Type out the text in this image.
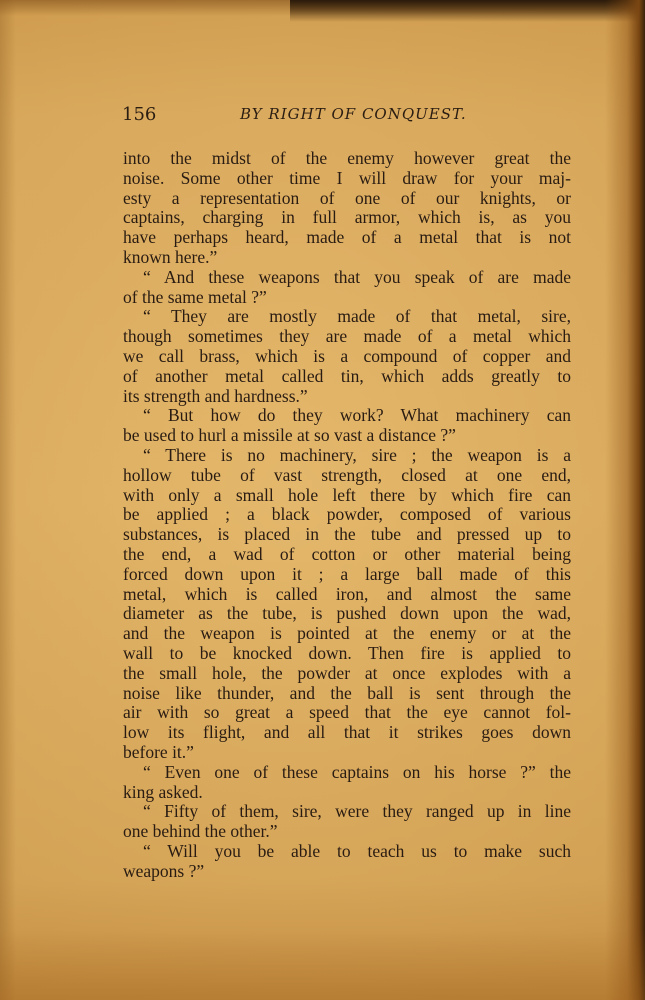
156	BY RIGHT OF CONQUEST.
into the midst of the enemy however great the
noise. Some other time I will draw for your maj-
esty a representation of one of our knights, or
captains, charging in full armor, which is, as you
have perhaps heard, made of a metal that is not
known here.”
“ And these weapons that you speak of are made
of the same metal ?”
“ They are mostly made of that metal, sire,
though sometimes they are made of a metal which
we call brass, which is a compound of copper and
of another metal called tin, which adds greatly to
its strength and hardness.”
“ But how do they work? What machinery can
be used to hurl a missile at so vast a distance ?”
“ There is no machinery, sire ; the weapon is a
hollow tube of vast strength, closed at one end,
with only a small hole left there by which fire can
be applied ; a black powder, composed of various
substances, is placed in the tube and pressed up to
the end, a wad of cotton or other material being
forced down upon it ; a large ball made of this
metal, which is called iron, and almost the same
diameter as the tube, is pushed down upon the wad,
and the weapon is pointed at the enemy or at the
wall to be knocked down. Then fire is applied to
the small hole, the powder at once explodes with a
noise like thunder, and the ball is sent through the
air with so great a speed that the eye cannot fol-
low its flight, and all that it strikes goes down
before it.”
“ Even one of these captains on his horse ?” the
king asked.
“ Fifty of them, sire, were they ranged up in line
one behind the other.”
“ Will you be able to teach us to make such
weapons ?”
